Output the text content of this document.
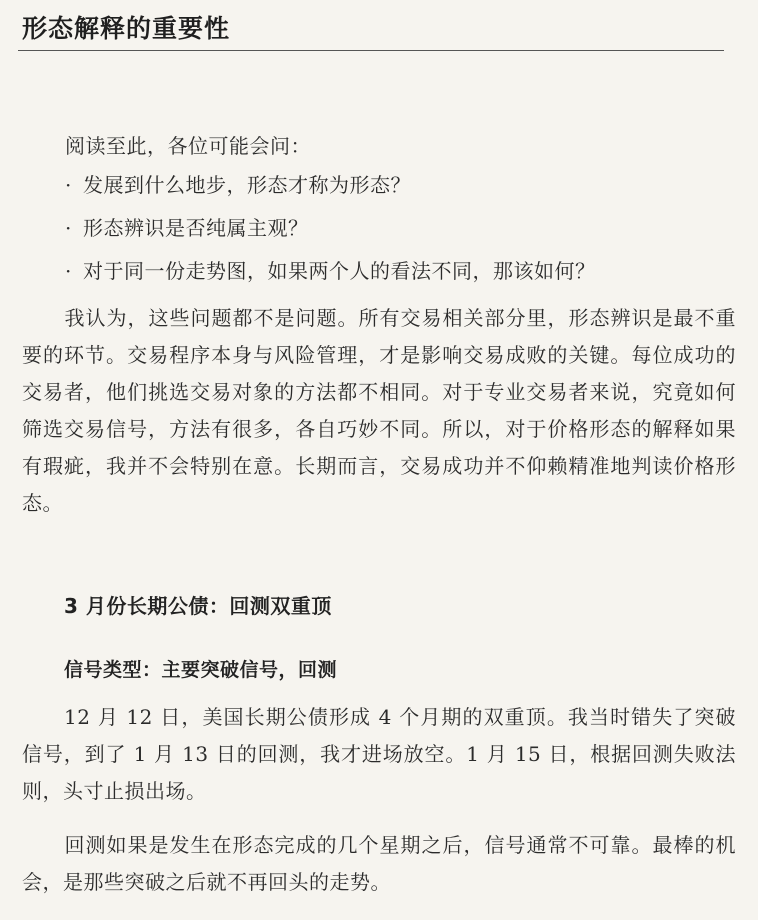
形态解释的重要性

阅读至此，各位可能会问：

· 发展到什么地步，形态才称为形态？
· 形态辨识是否纯属主观？
· 对于同一份走势图，如果两个人的看法不同，那该如何？

我认为，这些问题都不是问题。所有交易相关部分里，形态辨识是最不重要的环节。交易程序本身与风险管理，才是影响交易成败的关键。每位成功的交易者，他们挑选交易对象的方法都不相同。对于专业交易者来说，究竟如何筛选交易信号，方法有很多，各自巧妙不同。所以，对于价格形态的解释如果有瑕疵，我并不会特别在意。长期而言，交易成功并不仰赖精准地判读价格形态。

3 月份长期公债：回测双重顶
信号类型：主要突破信号，回测

12 月 12 日，美国长期公债形成 4 个月期的双重顶。我当时错失了突破信号，到了 1 月 13 日的回测，我才进场放空。1 月 15 日，根据回测失败法则，头寸止损出场。

回测如果是发生在形态完成的几个星期之后，信号通常不可靠。最棒的机会，是那些突破之后就不再回头的走势。
